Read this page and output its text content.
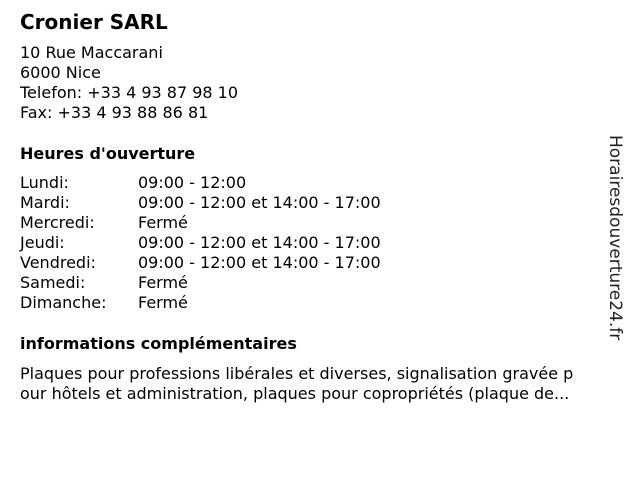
Cronier SARL
10 Rue Maccarani
6000 Nice
Telefon: +33 4 93 87 98 10
Fax: +33 4 93 88 86 81
Heures d'ouverture
Lundi:	09:00 - 12:00
Mardi:	09:00 - 12:00 et 14:00 - 17:00
Mercredi:	Fermé
Jeudi:	09:00 - 12:00 et 14:00 - 17:00
Vendredi:	09:00 - 12:00 et 14:00 - 17:00
Samedi:	Fermé
Dimanche: Fermé
informations complémentaires
Plaques pour professions libérales et diverses, signalisation gravée p
our hôtels et administration, plaques pour copropriétés (plaque de...
Horairesdouverture24.fr
